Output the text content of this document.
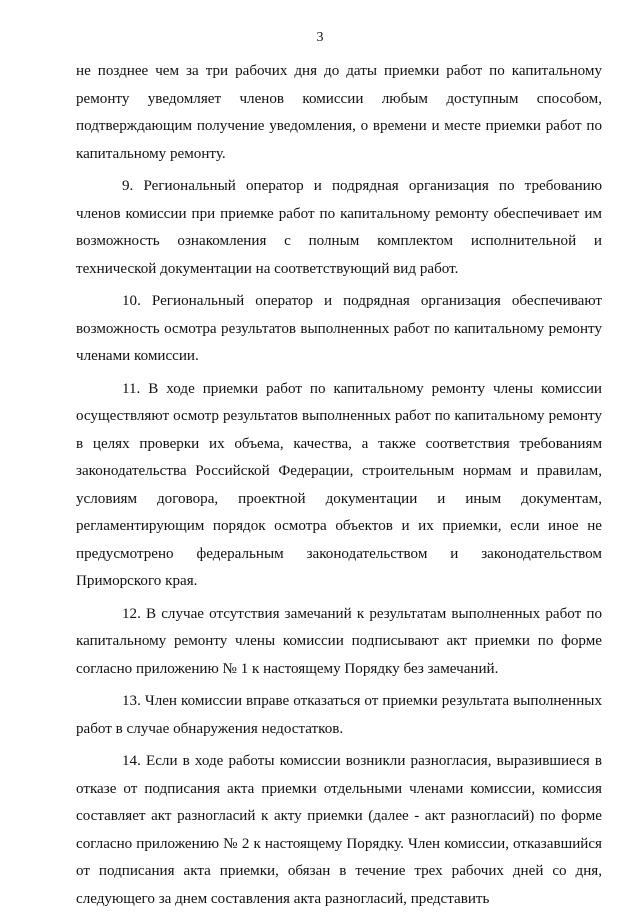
3

не позднее чем за три рабочих дня до даты приемки работ по капитальному ремонту уведомляет членов комиссии любым доступным способом, подтверждающим получение уведомления, о времени и месте приемки работ по капитальному ремонту.

9. Региональный оператор и подрядная организация по требованию членов комиссии при приемке работ по капитальному ремонту обеспечивает им возможность ознакомления с полным комплектом исполнительной и технической документации на соответствующий вид работ.

10. Региональный оператор и подрядная организация обеспечивают возможность осмотра результатов выполненных работ по капитальному ремонту членами комиссии.

11. В ходе приемки работ по капитальному ремонту члены комиссии осуществляют осмотр результатов выполненных работ по капитальному ремонту в целях проверки их объема, качества, а также соответствия требованиям законодательства Российской Федерации, строительным нормам и правилам, условиям договора, проектной документации и иным документам, регламентирующим порядок осмотра объектов и их приемки, если иное не предусмотрено федеральным законодательством и законодательством Приморского края.

12. В случае отсутствия замечаний к результатам выполненных работ по капитальному ремонту члены комиссии подписывают акт приемки по форме согласно приложению № 1 к настоящему Порядку без замечаний.

13. Член комиссии вправе отказаться от приемки результата выполненных работ в случае обнаружения недостатков.

14. Если в ходе работы комиссии возникли разногласия, выразившиеся в отказе от подписания акта приемки отдельными членами комиссии, комиссия составляет акт разногласий к акту приемки (далее - акт разногласий) по форме согласно приложению № 2 к настоящему Порядку. Член комиссии, отказавшийся от подписания акта приемки, обязан в течение трех рабочих дней со дня, следующего за днем составления акта разногласий, представить
